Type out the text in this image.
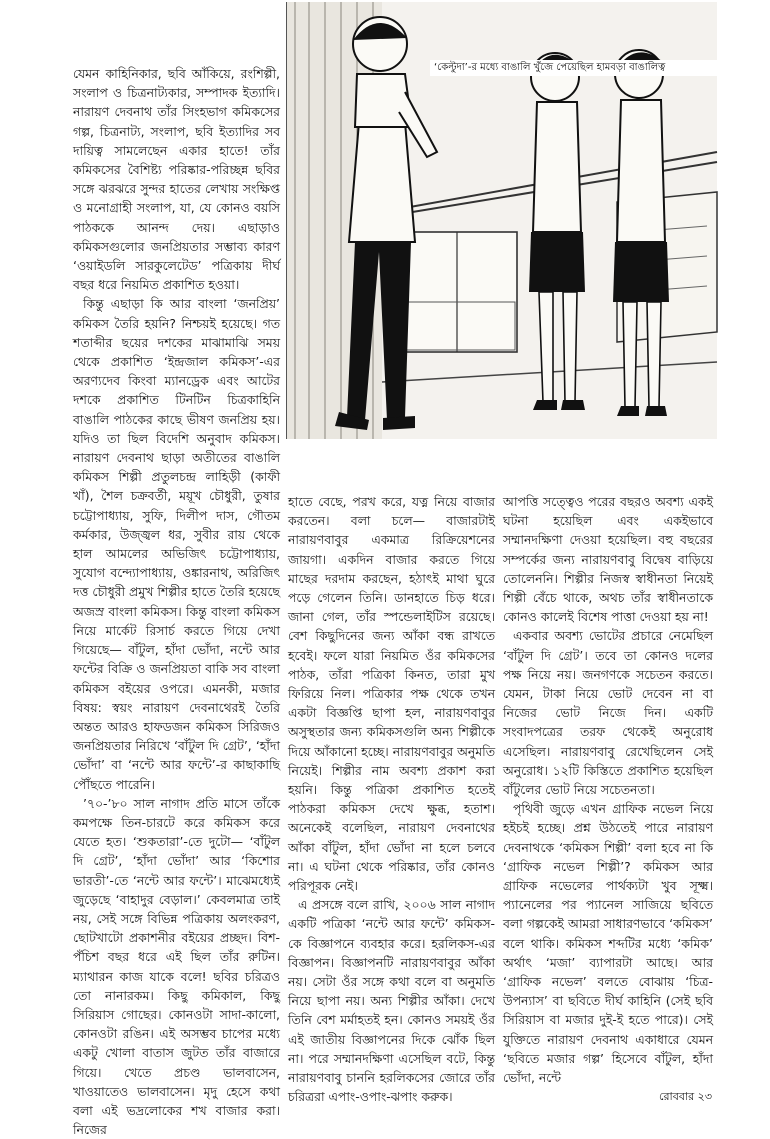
‘কেল্টুদা’-র মধ্যে বাঙালি খুঁজে পেয়েছিল হামবড়া বাঙালিত্ব

যেমন কাহিনিকার, ছবি আঁকিয়ে, রংশিল্পী, সংলাপ ও চিত্রনাট্যকার, সম্পাদক ইত্যাদি। নারায়ণ দেবনাথ তাঁর সিংহভাগ কমিকসের গল্প, চিত্রনাট্য, সংলাপ, ছবি ইত্যাদির সব দায়িত্ব সামলেছেন একার হাতে! তাঁর কমিকসের বৈশিষ্ট্য পরিষ্কার-পরিচ্ছন্ন ছবির সঙ্গে ঝরঝরে সুন্দর হাতের লেখায় সংক্ষিপ্ত ও মনোগ্রাহী সংলাপ, যা, যে কোনও বয়সি পাঠককে আনন্দ দেয়। এছাড়াও কমিকসগুলোর জনপ্রিয়তার সম্ভাব্য কারণ ‘ওয়াইডলি সারকুলেটেড’ পত্রিকায় দীর্ঘ বছর ধরে নিয়মিত প্রকাশিত হওয়া।

কিন্তু এছাড়া কি আর বাংলা ‘জনপ্রিয়’ কমিকস তৈরি হয়নি? নিশ্চয়ই হয়েছে। গত শতাব্দীর ছয়ের দশকের মাঝামাঝি সময় থেকে প্রকাশিত ‘ইন্দ্রজাল কমিকস’-এর অরণ্যদেব কিংবা ম্যানড্রেক এবং আটের দশকে প্রকাশিত টিনটিন চিত্রকাহিনি বাঙালি পাঠকের কাছে ভীষণ জনপ্রিয় হয়। যদিও তা ছিল বিদেশি অনুবাদ কমিকস। নারায়ণ দেবনাথ ছাড়া অতীতের বাঙালি কমিকস শিল্পী প্রতুলচন্দ্র লাহিড়ী (কাফী খাঁ), শৈল চক্রবর্তী, ময়ূখ চৌধুরী, তুষার চট্টোপাধ্যায়, সুফি, দিলীপ দাস, গৌতম কর্মকার, উজ্জ্বল ধর, সুবীর রায় থেকে হাল আমলের অভিজিৎ চট্টোপাধ্যায়, সুযোগ বন্দ্যোপাধ্যায়, ওঙ্কারনাথ, অরিজিৎ দত্ত চৌধুরী প্রমুখ শিল্পীর হাতে তৈরি হয়েছে অজস্র বাংলা কমিকস। কিন্তু বাংলা কমিকস নিয়ে মার্কেট রিসার্চ করতে গিয়ে দেখা গিয়েছে— বাঁটুল, হাঁদা ভোঁদা, নন্টে আর ফন্টের বিক্রি ও জনপ্রিয়তা বাকি সব বাংলা কমিকস বইয়ের ওপরে। এমনকী, মজার বিষয়: স্বয়ং নারায়ণ দেবনাথেরই তৈরি অন্তত আরও হাফডজন কমিকস সিরিজও জনপ্রিয়তার নিরিখে ‘বাঁটুল দি গ্রেট’, ‘হাঁদা ভোঁদা’ বা ‘নন্টে আর ফন্টে’-র কাছাকাছি পৌঁছতে পারেনি।

’৭০-’৮০ সাল নাগাদ প্রতি মাসে তাঁকে কমপক্ষে তিন-চারটে করে কমিকস করে যেতে হত। ‘শুকতারা’-তে দুটো— ‘বাঁটুল দি গ্রেট’, ‘হাঁদা ভোঁদা’ আর ‘কিশোর ভারতী’-তে ‘নন্টে আর ফন্টে’। মাঝেমধ্যেই জুড়েছে ‘বাহাদুর বেড়াল।’ কেবলমাত্র তাই নয়, সেই সঙ্গে বিভিন্ন পত্রিকায় অলংকরণ, ছোটখাটো প্রকাশনীর বইয়ের প্রচ্ছদ। বিশ-পঁচিশ বছর ধরে এই ছিল তাঁর রুটিন। ম্যাথারন কাজ যাকে বলে! ছবির চরিত্রও তো নানারকম। কিছু কমিকাল, কিছু সিরিয়াস গোছের। কোনওটা সাদা-কালো, কোনওটা রঙিন। এই অসম্ভব চাপের মধ্যে একটু খোলা বাতাস জুটত তাঁর বাজারে গিয়ে। খেতে প্রচণ্ড ভালবাসেন, খাওয়াতেও ভালবাসেন। মৃদু হেসে কথা বলা এই ভদ্রলোকের শখ বাজার করা। নিজের

হাতে বেছে, পরখ করে, যত্ন নিয়ে বাজার করতেন। বলা চলে— বাজারটাই নারায়ণবাবুর একমাত্র রিক্রিয়েশনের জায়গা। একদিন বাজার করতে গিয়ে মাছের দরদাম করছেন, হঠাৎই মাথা ঘুরে পড়ে গেলেন তিনি। ডানহাতে চিড় ধরে। জানা গেল, তাঁর স্পন্ডেলাইটিস রয়েছে। বেশ কিছুদিনের জন্য আঁকা বন্ধ রাখতে হবেই। ফলে যারা নিয়মিত ওঁর কমিকসের পাঠক, তাঁরা পত্রিকা কিনত, তারা মুখ ফিরিয়ে নিল। পত্রিকার পক্ষ থেকে তখন একটা বিজ্ঞপ্তি ছাপা হল, নারায়ণবাবুর অসুস্থতার জন্য কমিকসগুলি অন্য শিল্পীকে দিয়ে আঁকানো হচ্ছে। নারায়ণবাবুর অনুমতি নিয়েই। শিল্পীর নাম অবশ্য প্রকাশ করা হয়নি। কিন্তু পত্রিকা প্রকাশিত হতেই পাঠকরা কমিকস দেখে ক্ষুব্ধ, হতাশ। অনেকেই বলেছিল, নারায়ণ দেবনাথের আঁকা বাঁটুল, হাঁদা ভোঁদা না হলে চলবে না। এ ঘটনা থেকে পরিষ্কার, তাঁর কোনও পরিপূরক নেই।

এ প্রসঙ্গে বলে রাখি, ২০০৬ সাল নাগাদ একটি পত্রিকা ‘নন্টে আর ফন্টে’ কমিকস-কে বিজ্ঞাপনে ব্যবহার করে। হরলিকস-এর বিজ্ঞাপন। বিজ্ঞাপনটি নারায়ণবাবুর আঁকা নয়। সেটা ওঁর সঙ্গে কথা বলে বা অনুমতি নিয়ে ছাপা নয়। অন্য শিল্পীর আঁকা। দেখে তিনি বেশ মর্মাহতই হন। কোনও সময়ই ওঁর এই জাতীয় বিজ্ঞাপনের দিকে ঝোঁক ছিল না। পরে সম্মানদক্ষিণা এসেছিল বটে, কিন্তু নারায়ণবাবু চাননি হরলিকসের জোরে তাঁর চরিত্ররা এপাং-ওপাং-ঝপাং করুক।

আপত্তি সত্ত্বেও পরের বছরও অবশ্য একই ঘটনা হয়েছিল এবং একইভাবে সম্মানদক্ষিণা দেওয়া হয়েছিল। বহু বছরের সম্পর্কের জন্য নারায়ণবাবু বিদ্বেষ বাড়িয়ে তোলেননি। শিল্পীর নিজস্ব স্বাধীনতা নিয়েই শিল্পী বেঁচে থাকে, অথচ তাঁর স্বাধীনতাকে কোনও কালেই বিশেষ পাত্তা দেওয়া হয় না!

একবার অবশ্য ভোটের প্রচারে নেমেছিল ‘বাঁটুল দি গ্রেট’। তবে তা কোনও দলের পক্ষ নিয়ে নয়। জনগণকে সচেতন করতে। যেমন, টাকা নিয়ে ভোট দেবেন না বা নিজের ভোট নিজে দিন। একটি সংবাদপত্রের তরফ থেকেই অনুরোধ এসেছিল। নারায়ণবাবু রেখেছিলেন সেই অনুরোধ। ১২টি কিস্তিতে প্রকাশিত হয়েছিল বাঁটুলের ভোট নিয়ে সচেতনতা।

পৃথিবী জুড়ে এখন গ্রাফিক নভেল নিয়ে হইচই হচ্ছে। প্রশ্ন উঠতেই পারে নারায়ণ দেবনাথকে ‘কমিকস শিল্পী’ বলা হবে না কি ‘গ্রাফিক নভেল শিল্পী’? কমিকস আর গ্রাফিক নভেলের পার্থক্যটা খুব সূক্ষ্ম। প্যানেলের পর প্যানেল সাজিয়ে ছবিতে বলা গল্পকেই আমরা সাধারণভাবে ‘কমিকস’ বলে থাকি। কমিকস শব্দটির মধ্যে ‘কমিক’ অর্থাৎ ‘মজা’ ব্যাপারটা আছে। আর ‘গ্রাফিক নভেল’ বলতে বোঝায় ‘চিত্র-উপন্যাস’ বা ছবিতে দীর্ঘ কাহিনি (সেই ছবি সিরিয়াস বা মজার দুই-ই হতে পারে)। সেই যুক্তিতে নারায়ণ দেবনাথ একাধারে যেমন ‘ছবিতে মজার গল্প’ হিসেবে বাঁটুল, হাঁদা ভোঁদা, নন্টে

রোববার ২৩
